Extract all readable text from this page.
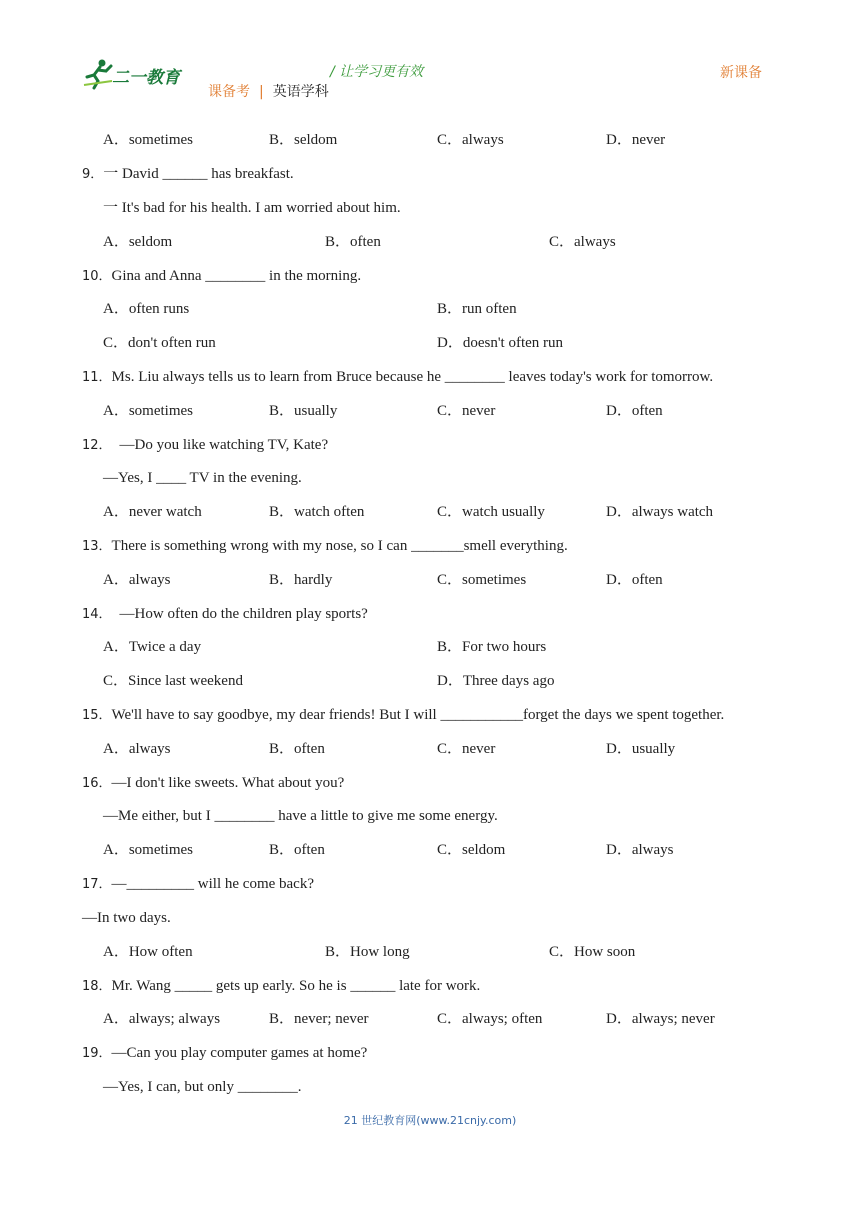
二一教育	/ 让学习更有效	新课备
课备考 | 英语学科
A．sometimes	B．seldom	C．always	D．never
9．一 David ______ has breakfast.
一 It's bad for his health. I am worried about him.
A．seldom	B．often	C．always
10．Gina and Anna ________ in the morning.
A．often runs	B．run often
C．don't often run	D．doesn't often run
11．Ms. Liu always tells us to learn from Bruce because he ________ leaves today's work for tomorrow.
A．sometimes	B．usually	C．never	D．often
12． —Do you like watching TV, Kate?
—Yes, I ____ TV in the evening.
A．never watch	B．watch often	C．watch usually	D．always watch
13．There is something wrong with my nose, so I can _______smell everything.
A．always	B．hardly	C．sometimes	D．often
14． —How often do the children play sports?
A．Twice a day	B．For two hours
C．Since last weekend	D．Three days ago
15．We'll have to say goodbye, my dear friends! But I will ___________forget the days we spent together.
A．always	B．often	C．never	D．usually
16．—I don't like sweets. What about you?
—Me either, but I ________ have a little to give me some energy.
A．sometimes	B．often	C．seldom	D．always
17．—_________ will he come back?
—In two days.
A．How often	B．How long	C．How soon
18．Mr. Wang _____ gets up early. So he is ______ late for work.
A．always; always	B．never; never	C．always; often	D．always; never
19．—Can you play computer games at home?
—Yes, I can, but only ________.
21 世纪教育网(www.21cnjy.com)
